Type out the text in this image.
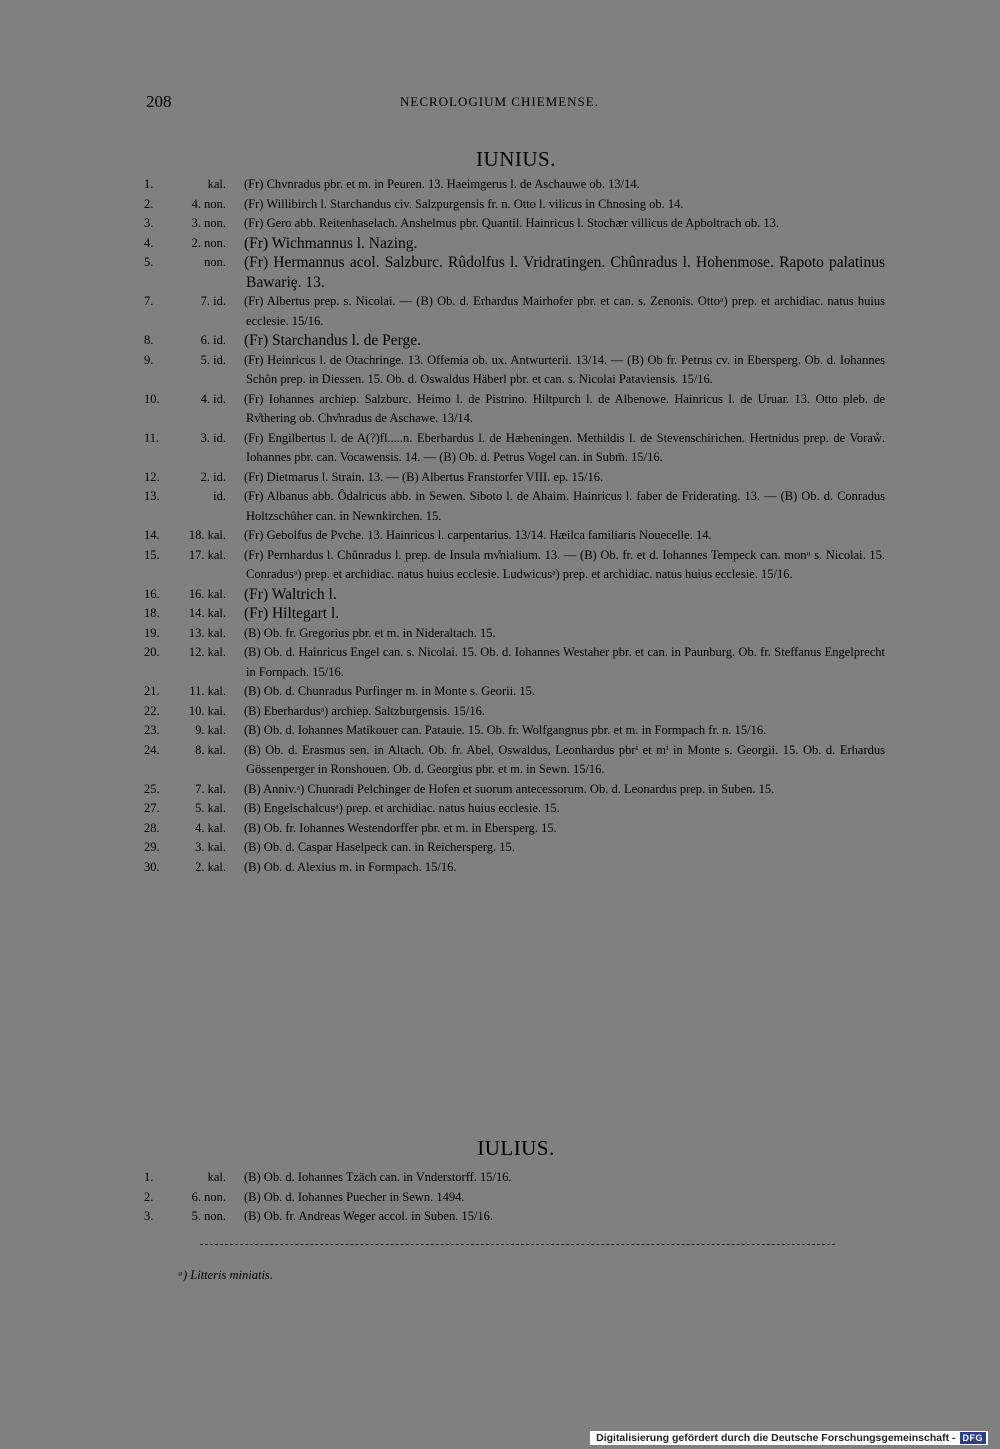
208	NECROLOGIUM CHIEMENSE.
IUNIUS.
1.	kal.	(Fr) Chvnradus pbr. et m. in Peuren. 13. Haeimgerus l. de Aschauwe ob. 13/14.
2.	4. non.	(Fr) Willibirch l. Starchandus civ. Salzpurgensis fr. n. Otto l. vilicus in Chnosing ob. 14.
3.	3. non.	(Fr) Gero abb. Reitenhaselach. Anshelmus pbr. Quantil. Hainricus l. Stochær villicus de Apboltrach ob. 13.
4.	2. non.	(Fr) Wichmannus l. Nazing.
5.	non.	(Fr) Hermannus acol. Salzburc. Rûdolfus l. Vridratingen. Chûnradus l. Hohenmose. Rapoto palatinus Bawariȩ. 13.
7.	7. id.	(Fr) Albertus prep. s. Nicolai. — (B) Ob. d. Erhardus Mairhofer pbr. et can. s. Zenonis. Ottoᵃ) prep. et archidiac. natus huius ecclesie. 15/16.
8.	6. id.	(Fr) Starchandus l. de Perge.
9.	5. id.	(Fr) Heinricus l. de Otachringe. 13. Offemia ob. ux. Antwurterii. 13/14. — (B) Ob fr. Petrus cv. in Ebersperg. Ob. d. Iohannes Schôn prep. in Diessen. 15. Ob. d. Oswaldus Häberl pbr. et can. s. Nicolai Pataviensis. 15/16.
10.	4. id.	(Fr) Iohannes archiep. Salzburc. Heimo l. de Pistrino. Hiltpurch l. de Albenowe. Hainricus l. de Uruar. 13. Otto pleb. de Rv̊thering ob. Chv̊nradus de Aschawe. 13/14.
11.	3. id.	(Fr) Engilbertus l. de A(?)fl.....n. Eberhardus l. de Hæheningen. Methildis l. de Stevenschirichen. Hertnidus prep. de Voraẘ. Iohannes pbr. can. Vocawensis. 14. — (B) Ob. d. Petrus Vogel can. in Subm̄. 15/16.
12.	2. id.	(Fr) Dietmarus l. Strain. 13. — (B) Albertus Franstorfer VIII. ep. 15/16.
13.	id.	(Fr) Albanus abb. Ôdalricus abb. in Sewen. Siboto l. de Ahaim. Hainricus l. faber de Friderating. 13. — (B) Ob. d. Conradus Holtzschûher can. in Newnkirchen. 15.
14.	18. kal.	(Fr) Gebolfus de Pvche. 13. Hainricus l. carpentarius. 13/14. Hæilca familiaris Nouecelle. 14.
15.	17. kal.	(Fr) Pernhardus l. Chûnradus l. prep. de Insula mv̊nialium. 13. — (B) Ob. fr. et d. Iohannes Tempeck can. monᵘ s. Nicolai. 15. Conradusᵃ) prep. et archidiac. natus huius ecclesie. Ludwicusᵃ) prep. et archidiac. natus huius ecclesie. 15/16.
16.	16. kal.	(Fr) Waltrich l.
18.	14. kal.	(Fr) Hiltegart l.
19.	13. kal.	(B) Ob. fr. Gregorius pbr. et m. in Nideraltach. 15.
20.	12. kal.	(B) Ob. d. Hainricus Engel can. s. Nicolai. 15. Ob. d. Iohannes Westaher pbr. et can. in Paunburg. Ob. fr. Steffanus Engelprecht in Fornpach. 15/16.
21.	11. kal.	(B) Ob. d. Chunradus Purfinger m. in Monte s. Georii. 15.
22.	10. kal.	(B) Eberhardusᵃ) archiep. Saltzburgensis. 15/16.
23.	9. kal.	(B) Ob. d. Iohannes Matikouer can. Patauie. 15. Ob. fr. Wolfgangnus pbr. et m. in Formpach fr. n. 15/16.
24.	8. kal.	(B) Ob. d. Erasmus sen. in Altach. Ob. fr. Abel, Oswaldus, Leonhardus pbrⁱ et mⁱ in Monte s. Georgii. 15. Ob. d. Erhardus Gössenperger in Ronshouen. Ob. d. Georgius pbr. et m. in Sewn. 15/16.
25.	7. kal.	(B) Anniv.ᵃ) Chunradi Pelchinger de Hofen et suorum antecessorum. Ob. d. Leonardus prep. in Suben. 15.
27.	5. kal.	(B) Engelschalcusᵃ) prep. et archidiac. natus huius ecclesie. 15.
28.	4. kal.	(B) Ob. fr. Iohannes Westendorffer pbr. et m. in Ebersperg. 15.
29.	3. kal.	(B) Ob. d. Caspar Haselpeck can. in Reichersperg. 15.
30.	2. kal.	(B) Ob. d. Alexius m. in Formpach. 15/16.
IULIUS.
1.	kal.	(B) Ob. d. Iohannes Tzäch can. in Vnderstorff. 15/16.
2.	6. non.	(B) Ob. d. Iohannes Puecher in Sewn. 1494.
3.	5. non.	(B) Ob. fr. Andreas Weger accol. in Suben. 15/16.
ᵃ) Litteris miniatis.
Digitalisierung gefördert durch die Deutsche Forschungsgemeinschaft - DFG
